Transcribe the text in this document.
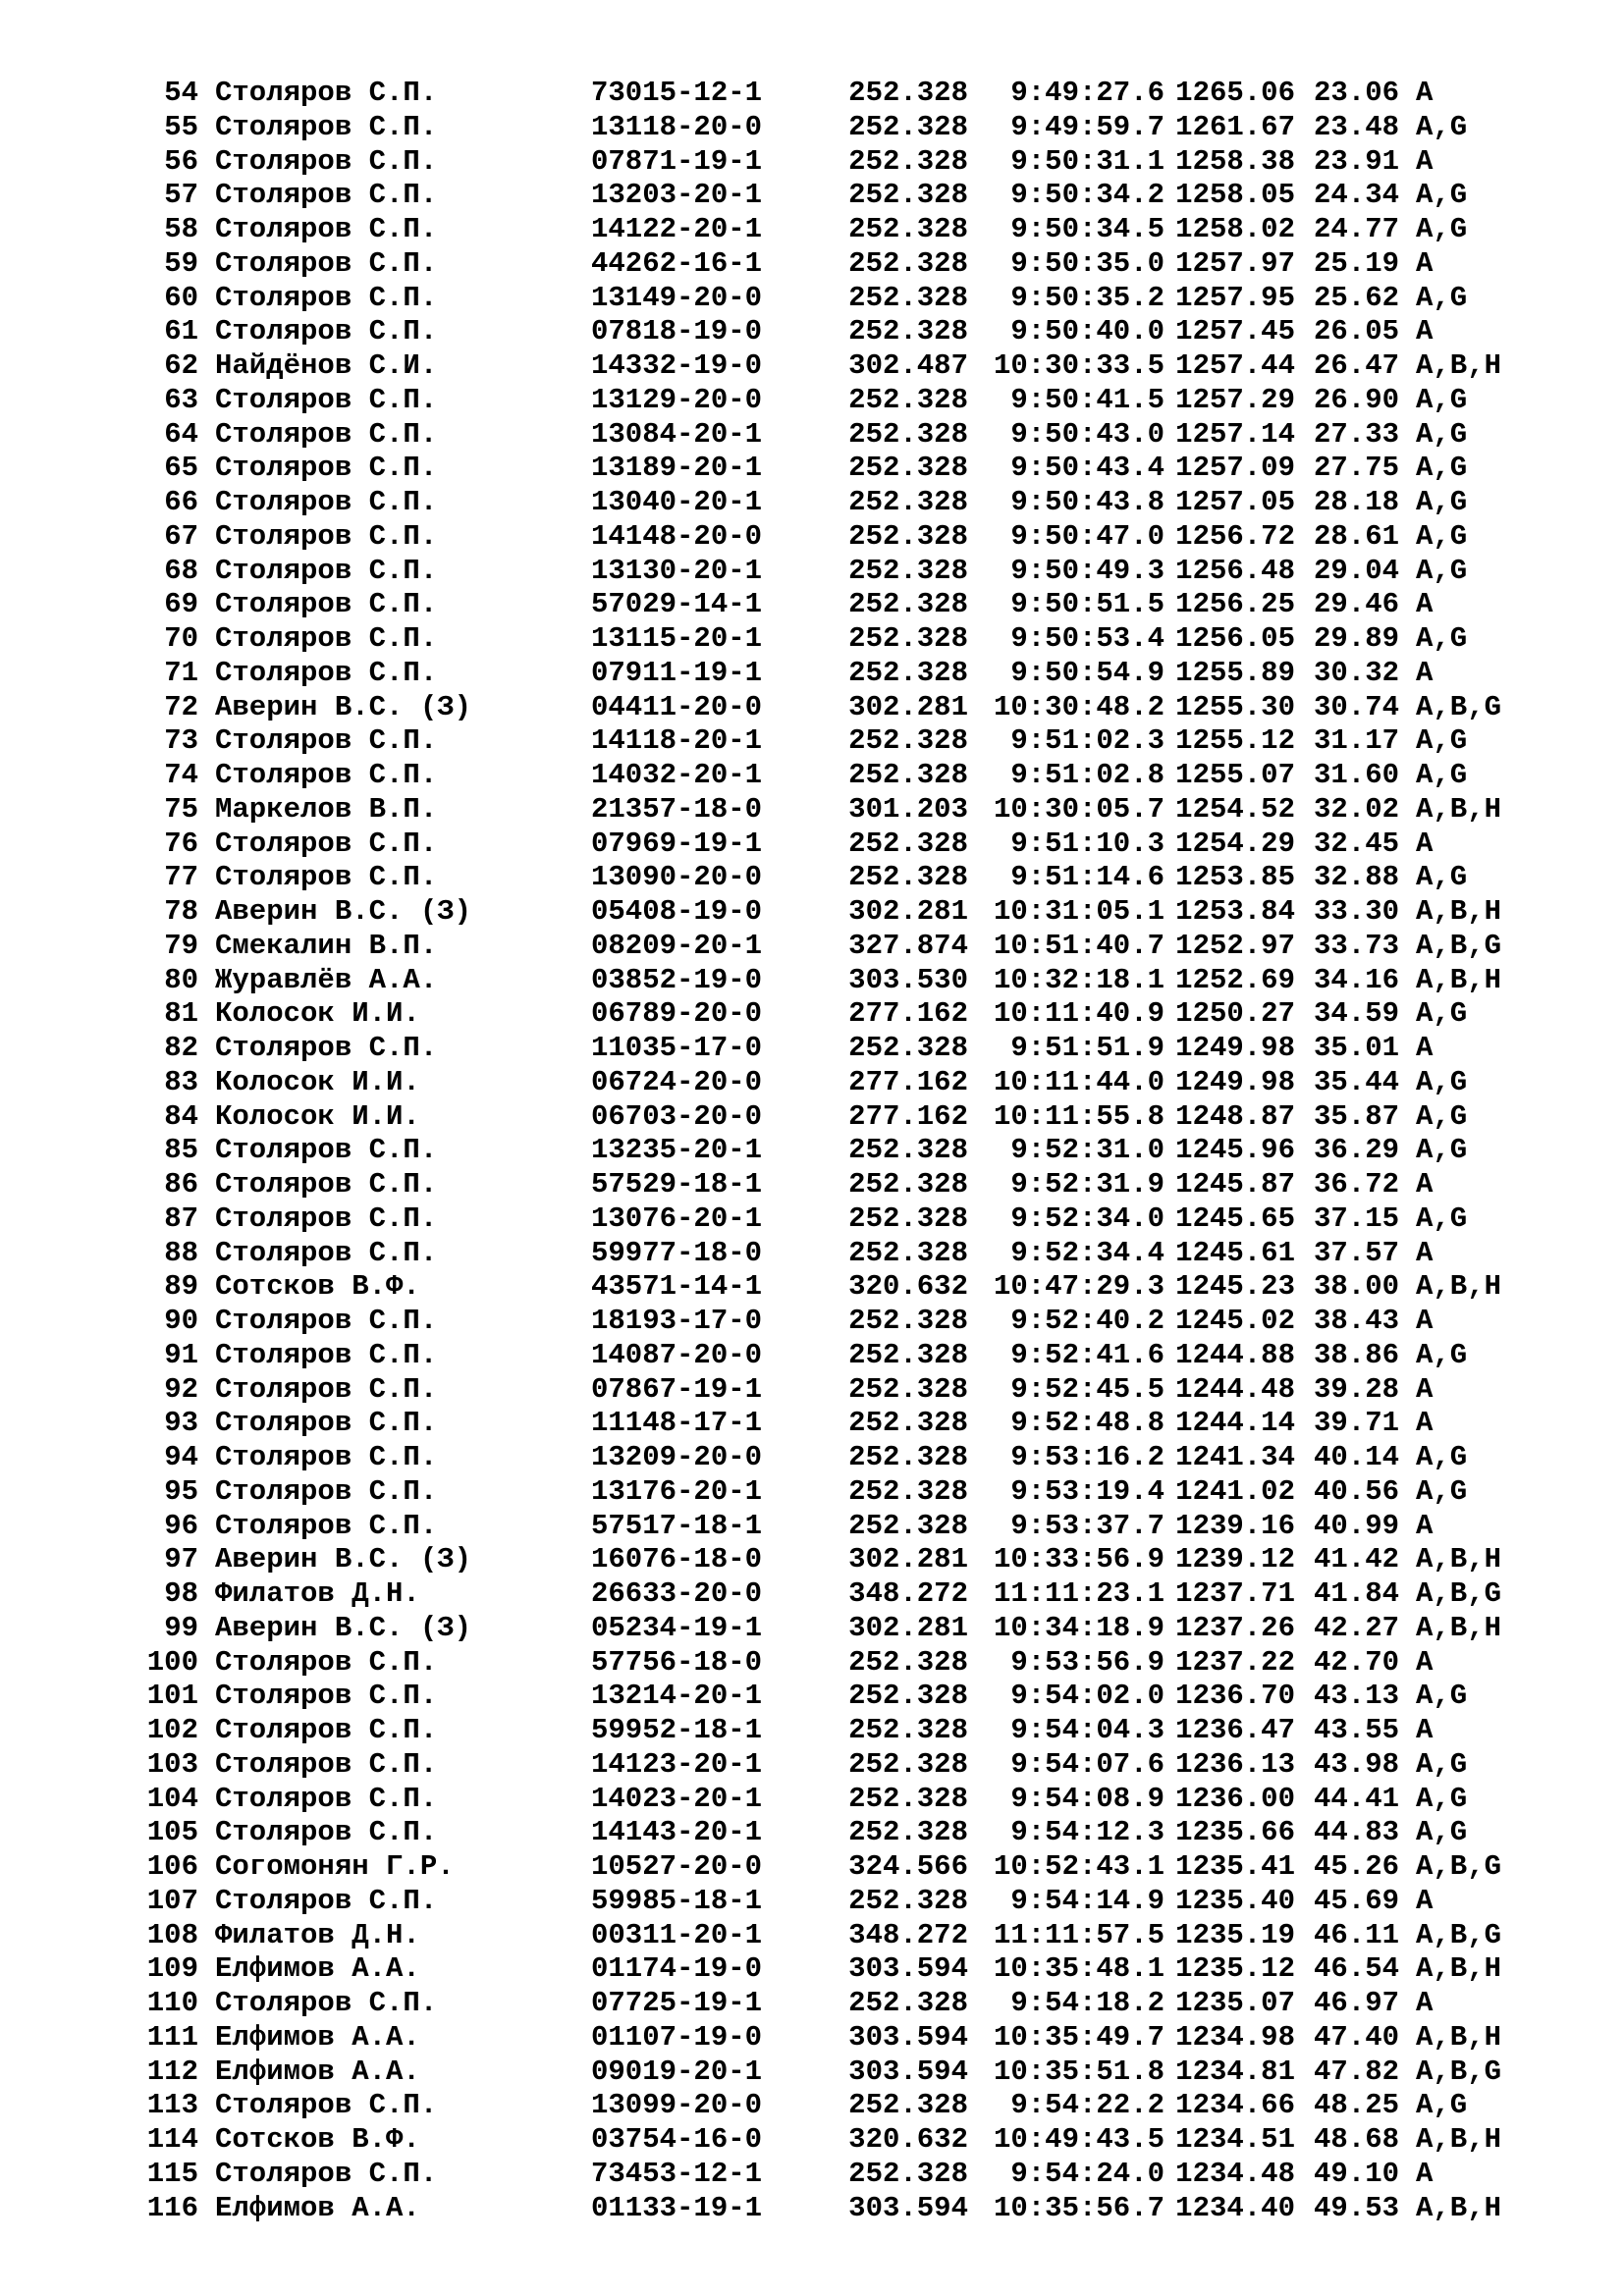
54 Столяров С.П.	73015-12-1	252.328 9:49:27.6 1265.06 23.06 A
55 Столяров С.П.	13118-20-0	252.328 9:49:59.7 1261.67 23.48 A,G
56 Столяров С.П.	07871-19-1	252.328 9:50:31.1 1258.38 23.91 A
57 Столяров С.П.	13203-20-1	252.328 9:50:34.2 1258.05 24.34 A,G
58 Столяров С.П.	14122-20-1	252.328 9:50:34.5 1258.02 24.77 A,G
59 Столяров С.П.	44262-16-1	252.328 9:50:35.0 1257.97 25.19 A
60 Столяров С.П.	13149-20-0	252.328 9:50:35.2 1257.95 25.62 A,G
61 Столяров С.П.	07818-19-0	252.328 9:50:40.0 1257.45 26.05 A
62 Найдёнов С.И.	14332-19-0	302.487 10:30:33.5 1257.44 26.47 A,B,H
63 Столяров С.П.	13129-20-0	252.328 9:50:41.5 1257.29 26.90 A,G
64 Столяров С.П.	13084-20-1	252.328 9:50:43.0 1257.14 27.33 A,G
65 Столяров С.П.	13189-20-1	252.328 9:50:43.4 1257.09 27.75 A,G
66 Столяров С.П.	13040-20-1	252.328 9:50:43.8 1257.05 28.18 A,G
67 Столяров С.П.	14148-20-0	252.328 9:50:47.0 1256.72 28.61 A,G
68 Столяров С.П.	13130-20-1	252.328 9:50:49.3 1256.48 29.04 A,G
69 Столяров С.П.	57029-14-1	252.328 9:50:51.5 1256.25 29.46 A
70 Столяров С.П.	13115-20-1	252.328 9:50:53.4 1256.05 29.89 A,G
71 Столяров С.П.	07911-19-1	252.328 9:50:54.9 1255.89 30.32 A
72 Аверин В.С. (З)	04411-20-0	302.281 10:30:48.2 1255.30 30.74 A,B,G
73 Столяров С.П.	14118-20-1	252.328 9:51:02.3 1255.12 31.17 A,G
74 Столяров С.П.	14032-20-1	252.328 9:51:02.8 1255.07 31.60 A,G
75 Маркелов В.П.	21357-18-0	301.203 10:30:05.7 1254.52 32.02 A,B,H
76 Столяров С.П.	07969-19-1	252.328 9:51:10.3 1254.29 32.45 A
77 Столяров С.П.	13090-20-0	252.328 9:51:14.6 1253.85 32.88 A,G
78 Аверин В.С. (З)	05408-19-0	302.281 10:31:05.1 1253.84 33.30 A,B,H
79 Смекалин В.П.	08209-20-1	327.874 10:51:40.7 1252.97 33.73 A,B,G
80 Журавлёв А.А.	03852-19-0	303.530 10:32:18.1 1252.69 34.16 A,B,H
81 Колосок И.И.	06789-20-0	277.162 10:11:40.9 1250.27 34.59 A,G
82 Столяров С.П.	11035-17-0	252.328 9:51:51.9 1249.98 35.01 A
83 Колосок И.И.	06724-20-0	277.162 10:11:44.0 1249.98 35.44 A,G
84 Колосок И.И.	06703-20-0	277.162 10:11:55.8 1248.87 35.87 A,G
85 Столяров С.П.	13235-20-1	252.328 9:52:31.0 1245.96 36.29 A,G
86 Столяров С.П.	57529-18-1	252.328 9:52:31.9 1245.87 36.72 A
87 Столяров С.П.	13076-20-1	252.328 9:52:34.0 1245.65 37.15 A,G
88 Столяров С.П.	59977-18-0	252.328 9:52:34.4 1245.61 37.57 A
89 Сотсков В.Ф.	43571-14-1	320.632 10:47:29.3 1245.23 38.00 A,B,H
90 Столяров С.П.	18193-17-0	252.328 9:52:40.2 1245.02 38.43 A
91 Столяров С.П.	14087-20-0	252.328 9:52:41.6 1244.88 38.86 A,G
92 Столяров С.П.	07867-19-1	252.328 9:52:45.5 1244.48 39.28 A
93 Столяров С.П.	11148-17-1	252.328 9:52:48.8 1244.14 39.71 A
94 Столяров С.П.	13209-20-0	252.328 9:53:16.2 1241.34 40.14 A,G
95 Столяров С.П.	13176-20-1	252.328 9:53:19.4 1241.02 40.56 A,G
96 Столяров С.П.	57517-18-1	252.328 9:53:37.7 1239.16 40.99 A
97 Аверин В.С. (З)	16076-18-0	302.281 10:33:56.9 1239.12 41.42 A,B,H
98 Филатов Д.Н.	26633-20-0	348.272 11:11:23.1 1237.71 41.84 A,B,G
99 Аверин В.С. (З)	05234-19-1	302.281 10:34:18.9 1237.26 42.27 A,B,H
100 Столяров С.П.	57756-18-0	252.328 9:53:56.9 1237.22 42.70 A
101 Столяров С.П.	13214-20-1	252.328 9:54:02.0 1236.70 43.13 A,G
102 Столяров С.П.	59952-18-1	252.328 9:54:04.3 1236.47 43.55 A
103 Столяров С.П.	14123-20-1	252.328 9:54:07.6 1236.13 43.98 A,G
104 Столяров С.П.	14023-20-1	252.328 9:54:08.9 1236.00 44.41 A,G
105 Столяров С.П.	14143-20-1	252.328 9:54:12.3 1235.66 44.83 A,G
106 Согомонян Г.Р.	10527-20-0	324.566 10:52:43.1 1235.41 45.26 A,B,G
107 Столяров С.П.	59985-18-1	252.328 9:54:14.9 1235.40 45.69 A
108 Филатов Д.Н.	00311-20-1	348.272 11:11:57.5 1235.19 46.11 A,B,G
109 Елфимов А.А.	01174-19-0	303.594 10:35:48.1 1235.12 46.54 A,B,H
110 Столяров С.П.	07725-19-1	252.328 9:54:18.2 1235.07 46.97 A
111 Елфимов А.А.	01107-19-0	303.594 10:35:49.7 1234.98 47.40 A,B,H
112 Елфимов А.А.	09019-20-1	303.594 10:35:51.8 1234.81 47.82 A,B,G
113 Столяров С.П.	13099-20-0	252.328 9:54:22.2 1234.66 48.25 A,G
114 Сотсков В.Ф.	03754-16-0	320.632 10:49:43.5 1234.51 48.68 A,B,H
115 Столяров С.П.	73453-12-1	252.328 9:54:24.0 1234.48 49.10 A
116 Елфимов А.А.	01133-19-1	303.594 10:35:56.7 1234.40 49.53 A,B,H
